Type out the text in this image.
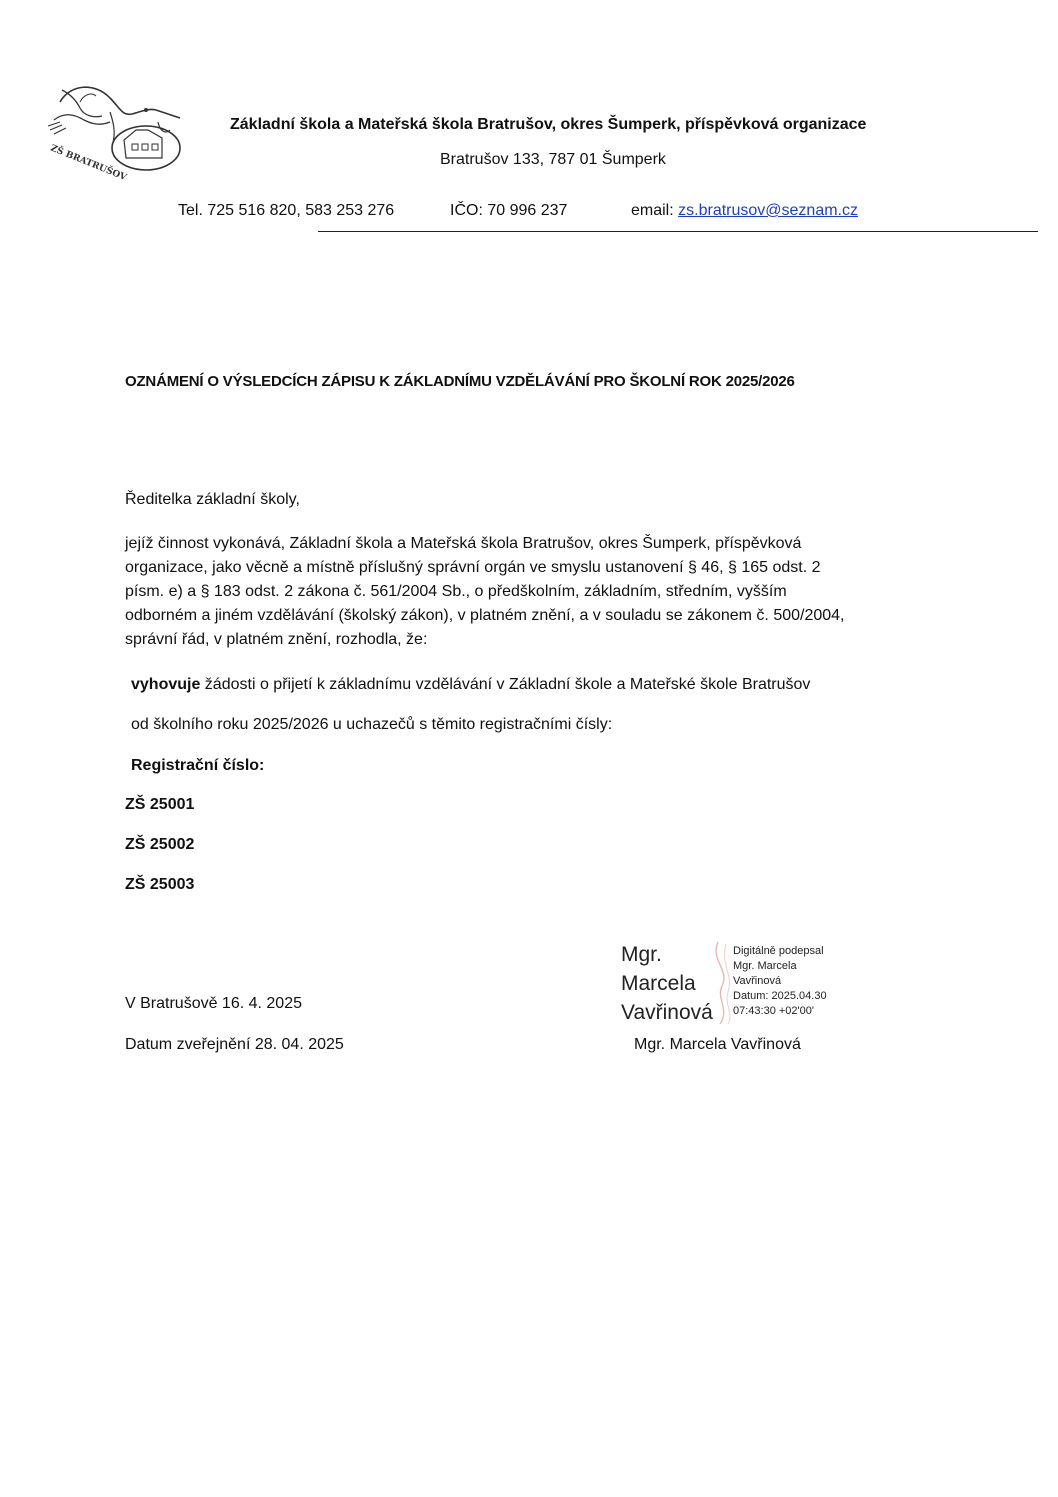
ZŠ BRATRUŠOV
Základní škola a Mateřská škola Bratrušov, okres Šumperk, příspěvková organizace
Bratrušov 133, 787 01 Šumperk
Tel. 725 516 820, 583 253 276	IČO: 70 996 237	email: zs.bratrusov@seznam.cz
OZNÁMENÍ O VÝSLEDCÍCH ZÁPISU K ZÁKLADNÍMU VZDĚLÁVÁNÍ PRO ŠKOLNÍ ROK 2025/2026
Ředitelka základní školy,
jejíž činnost vykonává, Základní škola a Mateřská škola Bratrušov, okres Šumperk, příspěvková
organizace, jako věcně a místně příslušný správní orgán ve smyslu ustanovení § 46, § 165 odst. 2
písm. e) a § 183 odst. 2 zákona č. 561/2004 Sb., o předškolním, základním, středním, vyšším
odborném a jiném vzdělávání (školský zákon), v platném znění, a v souladu se zákonem č. 500/2004,
správní řád, v platném znění, rozhodla, že:
vyhovuje žádosti o přijetí k základnímu vzdělávání v Základní škole a Mateřské škole Bratrušov
od školního roku 2025/2026 u uchazečů s těmito registračními čísly:
Registrační číslo:
ZŠ 25001
ZŠ 25002
ZŠ 25003
Mgr.
Marcela
Vavřinová
Digitálně podepsal
Mgr. Marcela
Vavřinová
Datum: 2025.04.30
07:43:30 +02'00'
V Bratrušově 16. 4. 2025
Datum zveřejnění 28. 04. 2025	Mgr. Marcela Vavřinová
